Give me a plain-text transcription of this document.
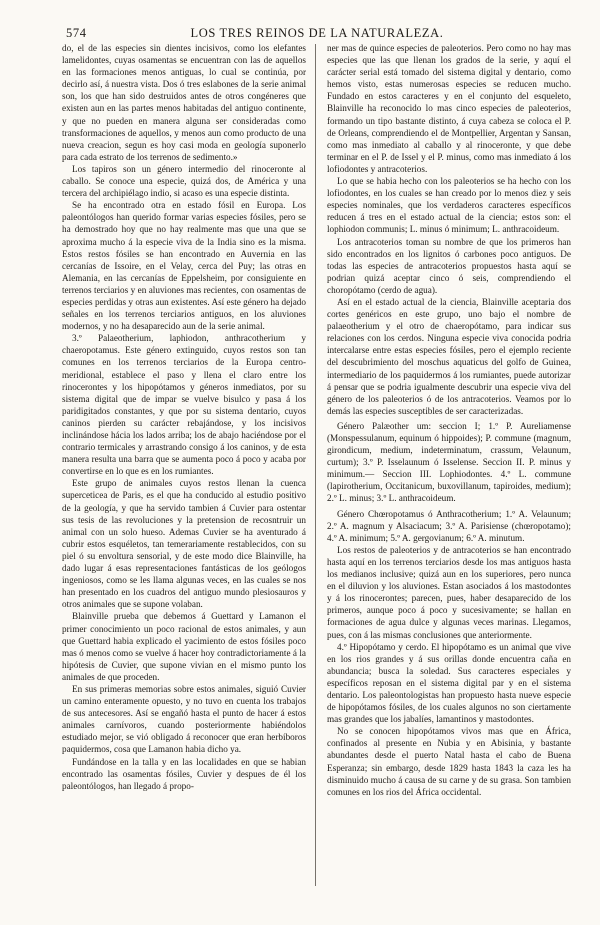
574	LOS TRES REINOS DE LA NATURALEZA.

do, el de las especies sin dientes incisivos, como los elefantes lamelidontes, cuyas osamentas se encuentran con las de aquellos en las formaciones menos antiguas, lo cual se continúa, por decirlo así, á nuestra vista. Dos ó tres eslabones de la serie animal son, los que han sido destruidos antes de otros congéneres que existen aun en las partes menos habitadas del antiguo continente, y que no pueden en manera alguna ser consideradas como transformaciones de aquellos, y menos aun como producto de una nueva creacion, segun es hoy casi moda en geología suponerlo para cada estrato de los terrenos de sedimento.»

Los tapiros son un género intermedio del rinoceronte al caballo. Se conoce una especie, quizá dos, de América y una tercera del archipiélago indio, si acaso es una especie distinta.

Se ha encontrado otra en estado fósil en Europa. Los paleontólogos han querido formar varias especies fósiles, pero se ha demostrado hoy que no hay realmente mas que una que se aproxima mucho á la especie viva de la India sino es la misma. Estos restos fósiles se han encontrado en Auvernia en las cercanías de Issoire, en el Velay, cerca del Puy; las otras en Alemania, en las cercanías de Eppelsheim, por consiguiente en terrenos terciarios y en aluviones mas recientes, con osamentas de especies perdidas y otras aun existentes. Así este género ha dejado señales en los terrenos terciarios antiguos, en los aluviones modernos, y no ha desaparecido aun de la serie animal.

3.º Palaeotherium, laphiodon, anthracotherium y chaeropotamus. Este género extinguido, cuyos restos son tan comunes en los terrenos terciarios de la Europa centro-meridional, establece el paso y llena el claro entre los rinocerontes y los hipopótamos y géneros inmediatos, por su sistema digital que de impar se vuelve bisulco y pasa á los paridigitados constantes, y que por su sistema dentario, cuyos caninos pierden su carácter rebajándose, y los incisivos inclinándose hácia los lados arriba; los de abajo haciéndose por el contrario termicales y arrastrando consigo á los caninos, y de esta manera resulta una barra que se aumenta poco á poco y acaba por convertirse en lo que es en los rumiantes.

Este grupo de animales cuyos restos llenan la cuenca superceticea de Paris, es el que ha conducido al estudio positivo de la geología, y que ha servido tambien á Cuvier para ostentar sus tesis de las revoluciones y la pretension de recosntruir un animal con un solo hueso. Ademas Cuvier se ha aventurado á cubrir estos esquéletos, tan temerariamente restablecidos, con su piel ó su envoltura sensorial, y de este modo dice Blainville, ha dado lugar á esas representaciones fantásticas de los geólogos ingeniosos, como se les llama algunas veces, en las cuales se nos han presentado en los cuadros del antiguo mundo plesiosauros y otros animales que se supone volaban.

Blainville prueba que debemos á Guettard y Lamanon el primer conocimiento un poco racional de estos animales, y aun que Guettard habia explicado el yacimiento de estos fósiles poco mas ó menos como se vuelve á hacer hoy contradictoriamente á la hipótesis de Cuvier, que supone vivian en el mismo punto los animales de que proceden.

En sus primeras memorias sobre estos animales, siguió Cuvier un camino enteramente opuesto, y no tuvo en cuenta los trabajos de sus antecesores. Así se engañó hasta el punto de hacer á estos animales carnívoros, cuando posteriormente habiéndolos estudiado mejor, se vió obligado á reconocer que eran herbíboros paquidermos, cosa que Lamanon habia dicho ya.

Fundándose en la talla y en las localidades en que se habian encontrado las osamentas fósiles, Cuvier y despues de él los paleontólogos, han llegado á propo-

ner mas de quince especies de paleoterios. Pero como no hay mas especies que las que llenan los grados de la serie, y aquí el carácter serial está tomado del sistema digital y dentario, como hemos visto, estas numerosas especies se reducen mucho. Fundado en estos caracteres y en el conjunto del esqueleto, Blainville ha reconocido lo mas cinco especies de paleoterios, formando un tipo bastante distinto, á cuya cabeza se coloca el P. de Orleans, comprendiendo el de Montpellier, Argentan y Sansan, como mas inmediato al caballo y al rinoceronte, y que debe terminar en el P. de Issel y el P. minus, como mas inmediato á los lofiodontes y antracoterios.

Lo que se habia hecho con los paleoterios se ha hecho con los lofiodontes, en los cuales se han creado por lo menos diez y seis especies nominales, que los verdaderos caracteres específicos reducen á tres en el estado actual de la ciencia; estos son: el lophiodon communis; L. minus ó minimum; L. anthracoideum.

Los antracoterios toman su nombre de que los primeros han sido encontrados en los lignitos ó carbones poco antiguos. De todas las especies de antracoterios propuestos hasta aquí se podrian quizá aceptar cinco ó seis, comprendiendo el choropótamo (cerdo de agua).

Así en el estado actual de la ciencia, Blainville aceptaria dos cortes genéricos en este grupo, uno bajo el nombre de palaeotherium y el otro de chaeropótamo, para indicar sus relaciones con los cerdos. Ninguna especie viva conocida podria intercalarse entre estas especies fósiles, pero el ejemplo reciente del descubrimiento del moschus aquaticus del golfo de Guinea, intermediario de los paquidermos á los rumiantes, puede autorizar á pensar que se podria igualmente descubrir una especie viva del género de los paleoterios ó de los antracoterios. Veamos por lo demás las especies susceptibles de ser caracterizadas.

Género Palæother um: seccion I; 1.º P. Aureliamense (Monspessulanum, equinum ó hippoides); P. commune (magnum, girondicum, medium, indeterminatum, crassum, Velaunum, curtum); 3.º P. Isselaunum ó Isselense. Seccion II. P. minus y minimum.— Seccion III. Lophiodontes. 4.º L. commune (lapirotherium, Occitanicum, buxovillanum, tapiroides, medium); 2.º L. minus; 3.º L. anthracoideum.

Género Chœropotamus ó Anthracotherium; 1.º A. Velaunum; 2.º A. magnum y Alsaciacum; 3.º A. Parisiense (chœropotamo); 4.º A. minimum; 5.º A. gergovianum; 6.º A. minutum.

Los restos de paleoterios y de antracoterios se han encontrado hasta aquí en los terrenos terciarios desde los mas antiguos hasta los medianos inclusive; quizá aun en los superiores, pero nunca en el diluvion y los aluviones. Estan asociados á los mastodontes y á los rinocerontes; parecen, pues, haber desaparecido de los primeros, aunque poco á poco y sucesivamente; se hallan en formaciones de agua dulce y algunas veces marinas. Llegamos, pues, con á las mismas conclusiones que anteriormente.

4.º Hipopótamo y cerdo. El hipopótamo es un animal que vive en los rios grandes y á sus orillas donde encuentra caña en abundancia; busca la soledad. Sus caracteres especiales y específicos reposan en el sistema digital par y en el sistema dentario. Los paleontologistas han propuesto hasta nueve especie de hipopótamos fósiles, de los cuales algunos no son ciertamente mas grandes que los jabalíes, lamantinos y mastodontes.

No se conocen hipopótamos vivos mas que en África, confinados al presente en Nubia y en Abisinia, y bastante abundantes desde el puerto Natal hasta el cabo de Buena Esperanza; sin embargo, desde 1829 hasta 1843 la caza les ha disminuido mucho á causa de su carne y de su grasa. Son tambien comunes en los rios del África occidental.
